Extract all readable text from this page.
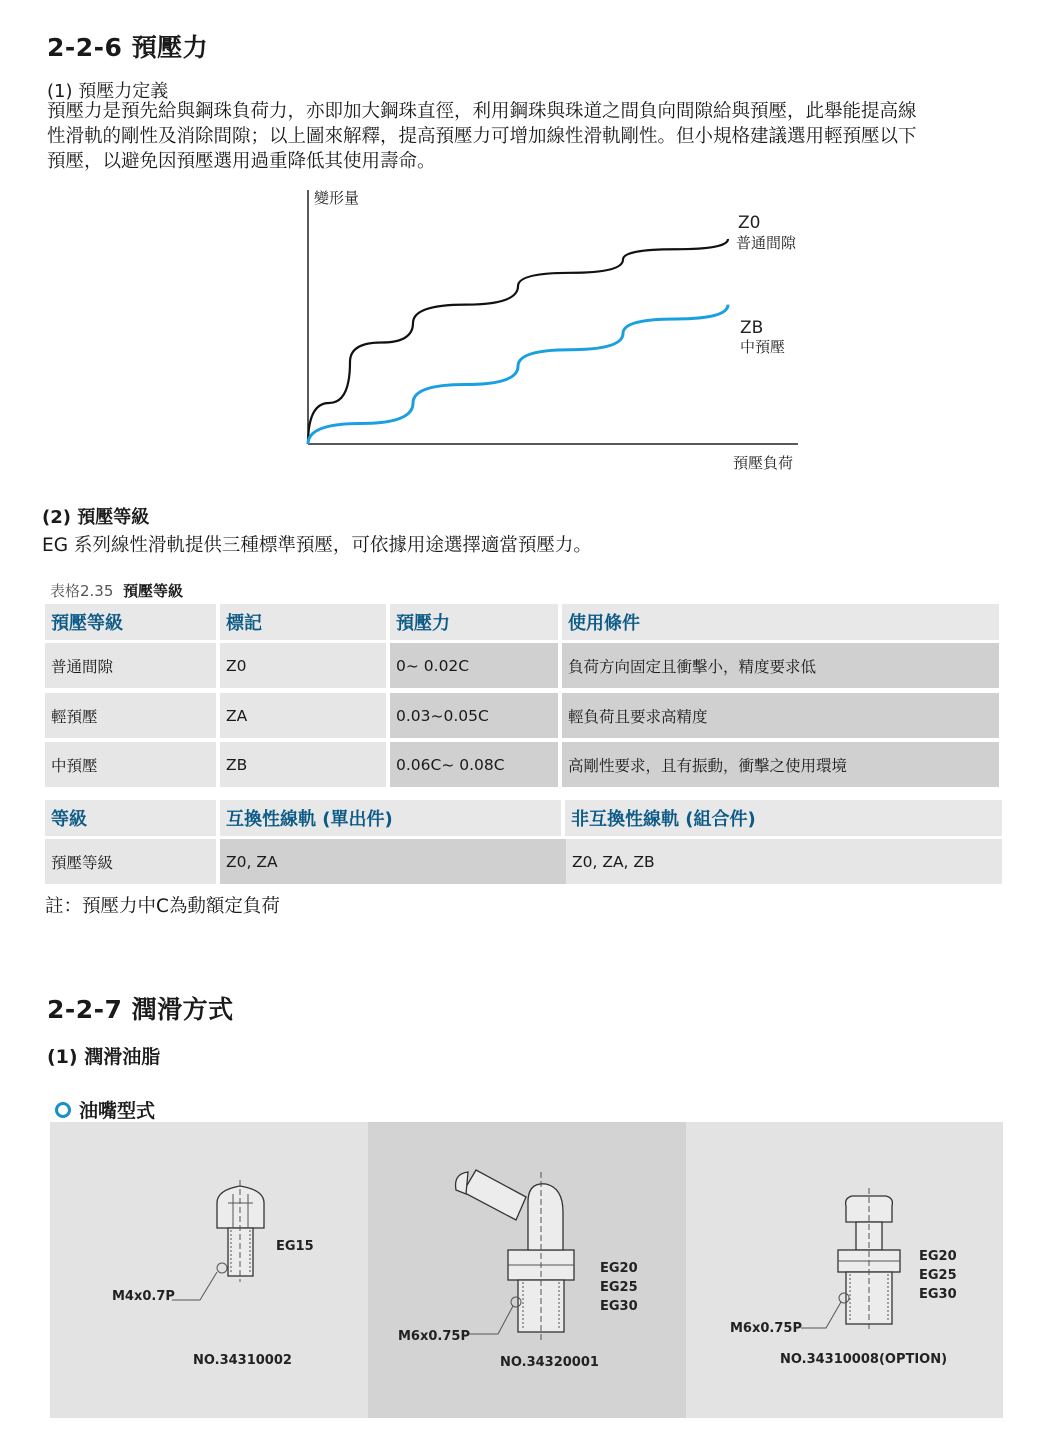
2-2-6 預壓力
(1) 預壓力定義
預壓力是預先給與鋼珠負荷力，亦即加大鋼珠直徑，利用鋼珠與珠道之間負向間隙給與預壓，此舉能提高線
性滑軌的剛性及消除間隙；以上圖來解釋，提高預壓力可增加線性滑軌剛性。但小規格建議選用輕預壓以下
預壓，以避免因預壓選用過重降低其使用壽命。
變形量
預壓負荷
Z0
普通間隙
ZB
中預壓
(2) 預壓等級
EG 系列線性滑軌提供三種標準預壓，可依據用途選擇適當預壓力。
表格2.35 預壓等級
預壓等級	標記	預壓力	使用條件
普通間隙	Z0	0~ 0.02C	負荷方向固定且衝擊小，精度要求低
輕預壓	ZA	0.03~0.05C	輕負荷且要求高精度
中預壓	ZB	0.06C~ 0.08C	高剛性要求，且有振動，衝擊之使用環境
等級	互換性線軌 (單出件)	非互換性線軌 (組合件)
預壓等級	Z0, ZA	Z0, ZA, ZB
註：預壓力中C為動額定負荷
2-2-7 潤滑方式
(1) 潤滑油脂
油嘴型式
EG15
M4x0.7P
NO.34310002
EG20
EG25
EG30
M6x0.75P
NO.34320001
EG20
EG25
EG30
M6x0.75P
NO.34310008(OPTION)
